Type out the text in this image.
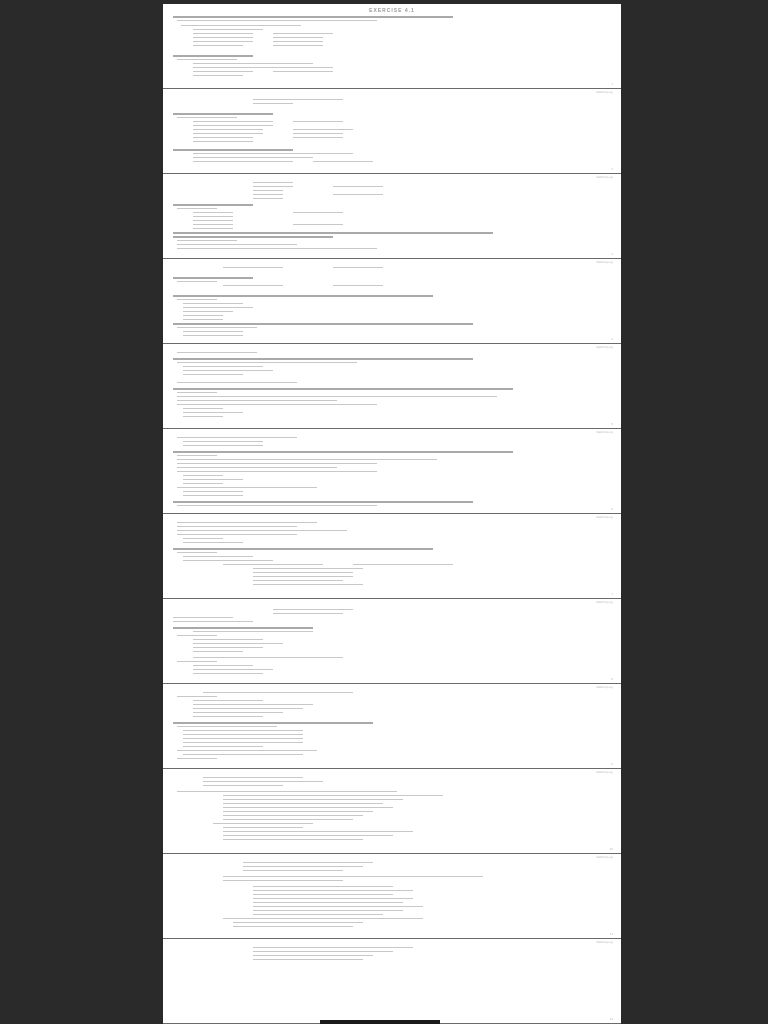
EXERCISE 4.1
1
MathCity.org
2
MathCity.org
3
MathCity.org
4
MathCity.org
5
MathCity.org
6
MathCity.org
7
MathCity.org
8
MathCity.org
9
MathCity.org
10
MathCity.org
11
MathCity.org
12
